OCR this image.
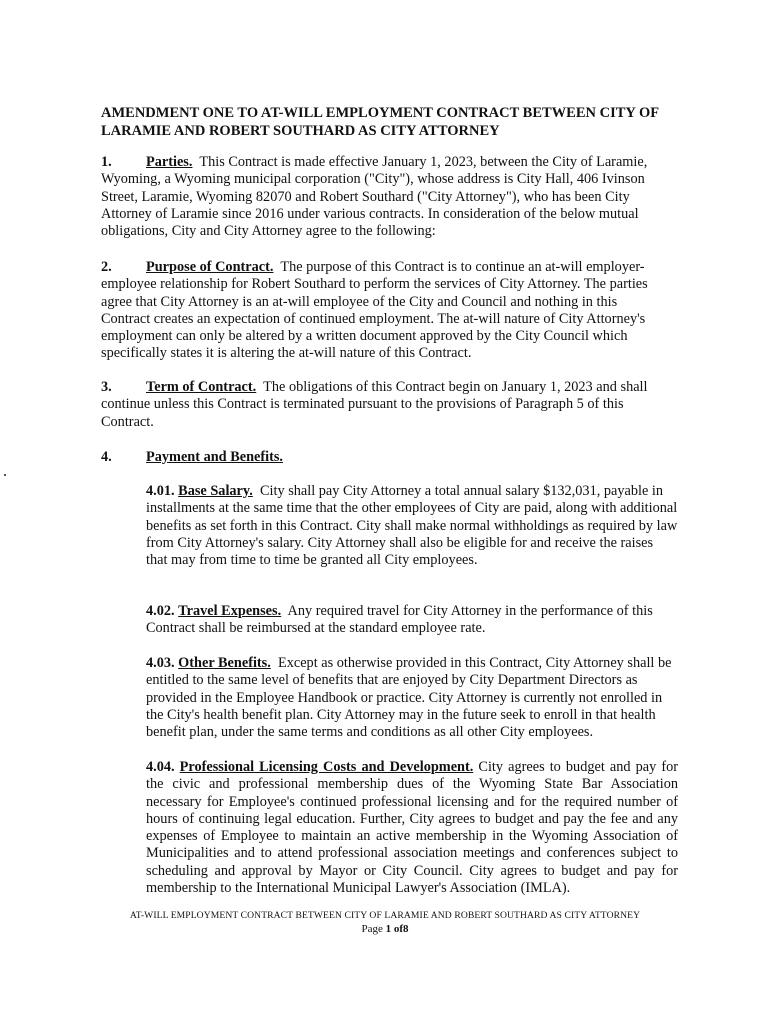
AMENDMENT ONE TO AT-WILL EMPLOYMENT CONTRACT BETWEEN CITY OF LARAMIE AND ROBERT SOUTHARD AS CITY ATTORNEY
1. Parties. This Contract is made effective January 1, 2023, between the City of Laramie, Wyoming, a Wyoming municipal corporation ("City"), whose address is City Hall, 406 Ivinson Street, Laramie, Wyoming 82070 and Robert Southard ("City Attorney"), who has been City Attorney of Laramie since 2016 under various contracts. In consideration of the below mutual obligations, City and City Attorney agree to the following:
2. Purpose of Contract. The purpose of this Contract is to continue an at-will employer- employee relationship for Robert Southard to perform the services of City Attorney. The parties agree that City Attorney is an at-will employee of the City and Council and nothing in this Contract creates an expectation of continued employment. The at-will nature of City Attorney's employment can only be altered by a written document approved by the City Council which specifically states it is altering the at-will nature of this Contract.
3. Term of Contract. The obligations of this Contract begin on January 1, 2023 and shall continue unless this Contract is terminated pursuant to the provisions of Paragraph 5 of this Contract.
4. Payment and Benefits.
4.01. Base Salary. City shall pay City Attorney a total annual salary $132,031, payable in installments at the same time that the other employees of City are paid, along with additional benefits as set forth in this Contract. City shall make normal withholdings as required by law from City Attorney's salary. City Attorney shall also be eligible for and receive the raises that may from time to time be granted all City employees.
4.02. Travel Expenses. Any required travel for City Attorney in the performance of this Contract shall be reimbursed at the standard employee rate.
4.03. Other Benefits. Except as otherwise provided in this Contract, City Attorney shall be entitled to the same level of benefits that are enjoyed by City Department Directors as provided in the Employee Handbook or practice. City Attorney is currently not enrolled in the City's health benefit plan. City Attorney may in the future seek to enroll in that health benefit plan, under the same terms and conditions as all other City employees.
4.04. Professional Licensing Costs and Development. City agrees to budget and pay for the civic and professional membership dues of the Wyoming State Bar Association necessary for Employee's continued professional licensing and for the required number of hours of continuing legal education. Further, City agrees to budget and pay the fee and any expenses of Employee to maintain an active membership in the Wyoming Association of Municipalities and to attend professional association meetings and conferences subject to scheduling and approval by Mayor or City Council. City agrees to budget and pay for membership to the International Municipal Lawyer's Association (IMLA).
AT-WILL EMPLOYMENT CONTRACT BETWEEN CITY OF LARAMIE AND ROBERT SOUTHARD AS CITY ATTORNEY
Page 1 of8
